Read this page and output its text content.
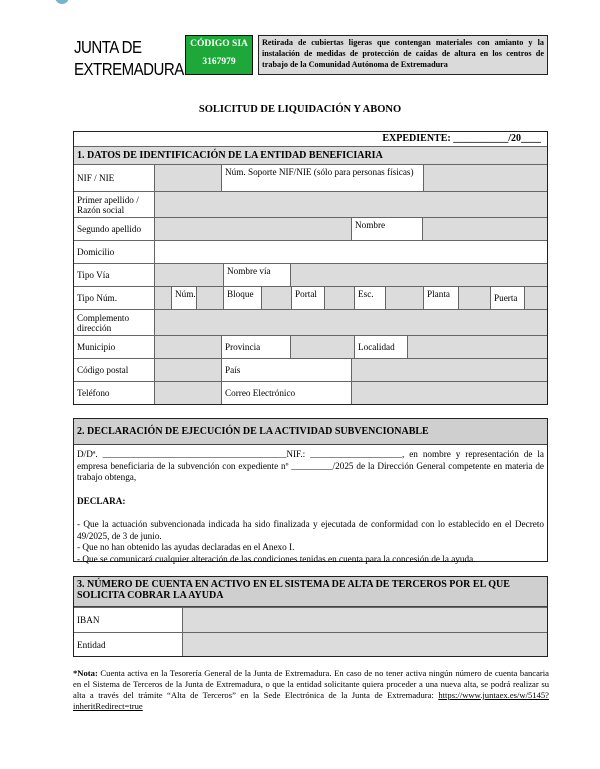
JUNTA DE
EXTREMADURA
CÓDIGO SIA
3167979
Retirada de cubiertas ligeras que contengan materiales con amianto y la instalación de medidas de protección de caídas de altura en los centros de trabajo de la Comunidad Autónoma de Extremadura
SOLICITUD DE LIQUIDACIÓN Y ABONO
EXPEDIENTE: ___________/20____
1. DATOS DE IDENTIFICACIÓN DE LA ENTIDAD BENEFICIARIA
NIF / NIE
Núm. Soporte NIF/NIE (sólo para personas físicas)
Primer apellido / Razón social
Segundo apellido	Nombre
Domicilio
Tipo Vía	Nombre vía
Tipo Núm.	Núm.	Bloque	Portal	Esc.	Planta	Puerta
Complemento dirección
Municipio	Provincia	Localidad
Código postal	País
Teléfono	Correo Electrónico
2. DECLARACIÓN DE EJECUCIÓN DE LA ACTIVIDAD SUBVENCIONABLE

D/Dª. ________________________________________NIF.: ____________________, en nombre y representación de la empresa beneficiaria de la subvención con expediente nº _________/2025 de la Dirección General competente en materia de trabajo obtenga,

DECLARA:

- Que la actuación subvencionada indicada ha sido finalizada y ejecutada de conformidad con lo establecido en el Decreto 49/2025, de 3 de junio.

- Que no han obtenido las ayudas declaradas en el Anexo I.

- Que se comunicará cualquier alteración de las condiciones tenidas en cuenta para la concesión de la ayuda.

3. NÚMERO DE CUENTA EN ACTIVO EN EL SISTEMA DE ALTA DE TERCEROS POR EL QUE SOLICITA COBRAR LA AYUDA
IBAN
Entidad
*Nota: Cuenta activa en la Tesorería General de la Junta de Extremadura. En caso de no tener activa ningún número de cuenta bancaria en el Sistema de Terceros de la Junta de Extremadura, o que la entidad solicitante quiera proceder a una nueva alta, se podrá realizar su alta a través del trámite “Alta de Terceros” en la Sede Electrónica de la Junta de Extremadura: https://www.juntaex.es/w/5145?inheritRedirect=true
